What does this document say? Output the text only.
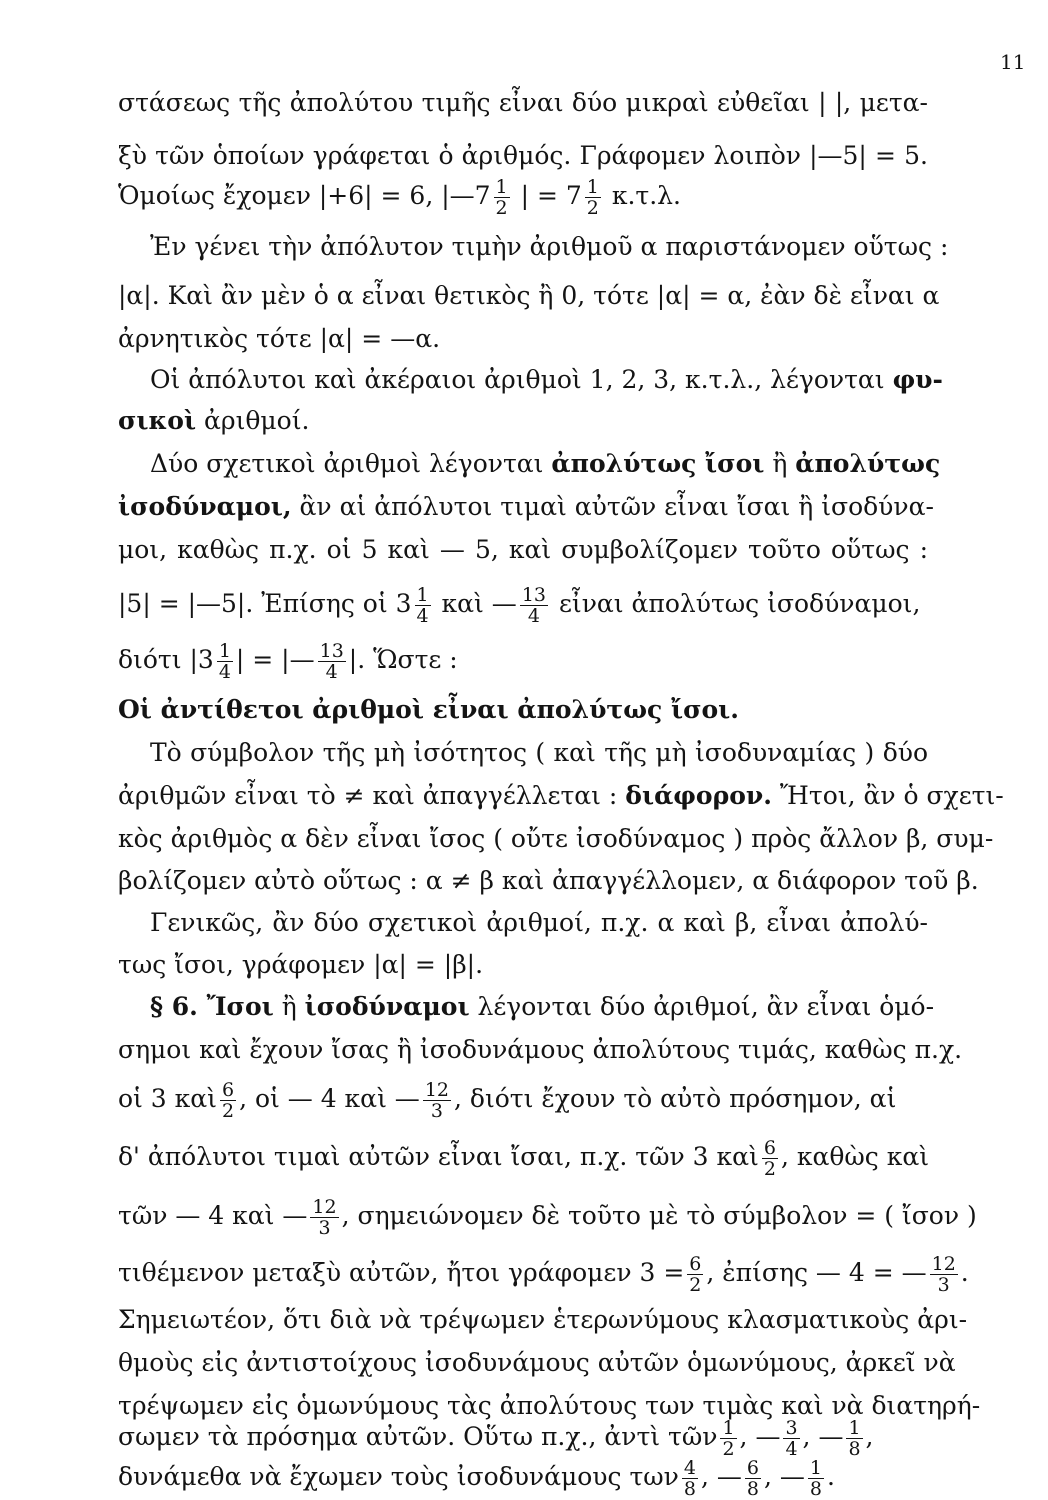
11
στάσεως τῆς ἀπολύτου τιμῆς εἶναι δύο μικραὶ εὐθεῖαι | |, μετα-
ξὺ τῶν ὁποίων γράφεται ὁ ἀριθμός. Γράφομεν λοιπὸν |—5| = 5.
Ὁμοίως ἔχομεν |+6| = 6, |—7 $\frac{1}{2}$ | = $7 \frac{1}{2} \kappa.\tau.\lambda$.
Ἐν γένει τὴν ἀπόλυτον τιμὴν ἀριθμοῦ α παριστάνομεν οὕτως :
|α|. Καὶ ἂν μὲν ὁ α εἶναι θετικὸς ἢ 0, τότε |α| = α, ἐὰν δὲ εἶναι α
ἀρνητικὸς τότε |α| = —α.
Οἱ ἀπόλυτοι καὶ ἀκέραιοι ἀριθμοὶ 1, 2, 3, κ.τ.λ., λέγονται φυ-
σικοὶ ἀριθμοί.
Δύο σχετικοὶ ἀριθμοὶ λέγονται ἀπολύτως ἴσοι ἢ ἀπολύτως
ἰσοδύναμοι, ἂν αἱ ἀπόλυτοι τιμαὶ αὐτῶν εἶναι ἴσαι ἢ ἰσοδύνα-
μοι, καθὼς π.χ. οἱ 5 καὶ — 5, καὶ συμβολίζομεν τοῦτο οὕτως :
|5| = |—5|. Ἐπίσης οἱ $3 \frac{1}{4}$ καὶ — $\frac{13}{4}$ εἶναι ἀπολύτως ἰσοδύναμοι,
διότι $|3 \frac{1}{4}$ | = |— $\frac{13}{4}$ |. Ὥστε :
Οἱ ἀντίθετοι ἀριθμοὶ εἶναι ἀπολύτως ἴσοι.
Τὸ σύμβολον τῆς μὴ ἰσότητος ( καὶ τῆς μὴ ἰσοδυναμίας ) δύο
ἀριθμῶν εἶναι τὸ ≠ καὶ ἀπαγγέλλεται : διάφορον. Ἤτοι, ἂν ὁ σχετι-
κὸς ἀριθμὸς α δὲν εἶναι ἴσος ( οὔτε ἰσοδύναμος ) πρὸς ἄλλον β, συμ-
βολίζομεν αὐτὸ οὕτως : α ≠ β καὶ ἀπαγγέλλομεν, α διάφορον τοῦ β.
Γενικῶς, ἂν δύο σχετικοὶ ἀριθμοί, π.χ. α καὶ β, εἶναι ἀπολύ-
τως ἴσοι, γράφομεν |α| = |β|.
§ 6. Ἴσοι ἢ ἰσοδύναμοι λέγονται δύο ἀριθμοί, ἂν εἶναι ὁμό-
σημοι καὶ ἔχουν ἴσας ἢ ἰσοδυνάμους ἀπολύτους τιμάς, καθὼς π.χ.
οἱ 3 καὶ $\frac{6}{2}$ , οἱ — 4 καὶ — $\frac{12}{3}$ , διότι ἔχουν τὸ αὐτὸ πρόσημον, αἱ
δ' ἀπόλυτοι τιμαὶ αὐτῶν εἶναι ἴσαι, π.χ. τῶν 3 καὶ $\frac{6}{2}$ , καθὼς καὶ
τῶν — 4 καὶ — $\frac{12}{3}$ , σημειώνομεν δὲ τοῦτο μὲ τὸ σύμβολον = ( ἴσον )
τιθέμενον μεταξὺ αὐτῶν, ἤτοι γράφομεν $3 = \frac{6}{2}$ , ἐπίσης — 4 = — $\frac{12}{3}$ .
Σημειωτέον, ὅτι διὰ νὰ τρέψωμεν ἑτερωνύμους κλασματικοὺς ἀρι-
θμοὺς εἰς ἀντιστοίχους ἰσοδυνάμους αὐτῶν ὁμωνύμους, ἀρκεῖ νὰ
τρέψωμεν εἰς ὁμωνύμους τὰς ἀπολύτους των τιμὰς καὶ νὰ διατηρή-
σωμεν τὰ πρόσημα αὐτῶν. Οὕτω π.χ., ἀντὶ τῶν $\frac{1}{2}$ , — $\frac{3}{4}$ , — $\frac{1}{8}$ ,
δυνάμεθα νὰ ἔχωμεν τοὺς ἰσοδυνάμους των $\frac{4}{8}$ , — $\frac{6}{8}$ , — $\frac{1}{8}$ .
